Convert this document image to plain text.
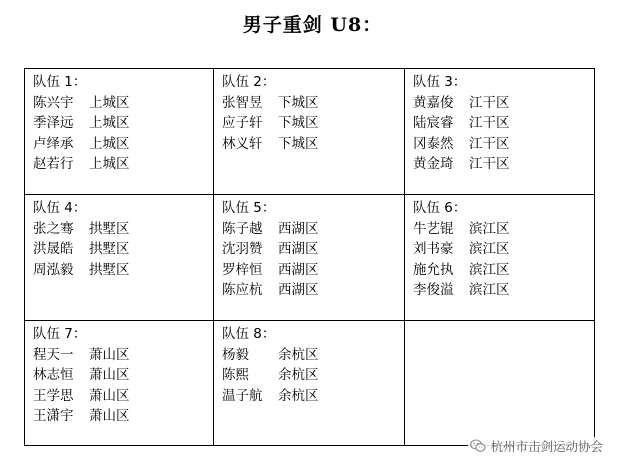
男子重剑 U8：
队伍 1：
陈兴宇	上城区
季泽远	上城区
卢绎承	上城区
赵若行	上城区
队伍 2：
张智昱	下城区
应子轩	下城区
林义轩	下城区
队伍 3：
黄嘉俊	江干区
陆宸睿	江干区
冈泰然	江干区
黄金琦	江干区
队伍 4：
张之骞	拱墅区
洪晟皓	拱墅区
周泓毅	拱墅区
队伍 5：
陈子越	西湖区
沈羽赞	西湖区
罗梓恒	西湖区
陈应杭	西湖区
队伍 6：
牛艺锟	滨江区
刘书豪	滨江区
施允执	滨江区
李俊溢	滨江区
队伍 7：
程天一	萧山区
林志恒	萧山区
王学思	萧山区
王潇宇	萧山区
队伍 8：
杨毅	余杭区
陈熙	余杭区
温子航	余杭区
杭州市击剑运动协会
